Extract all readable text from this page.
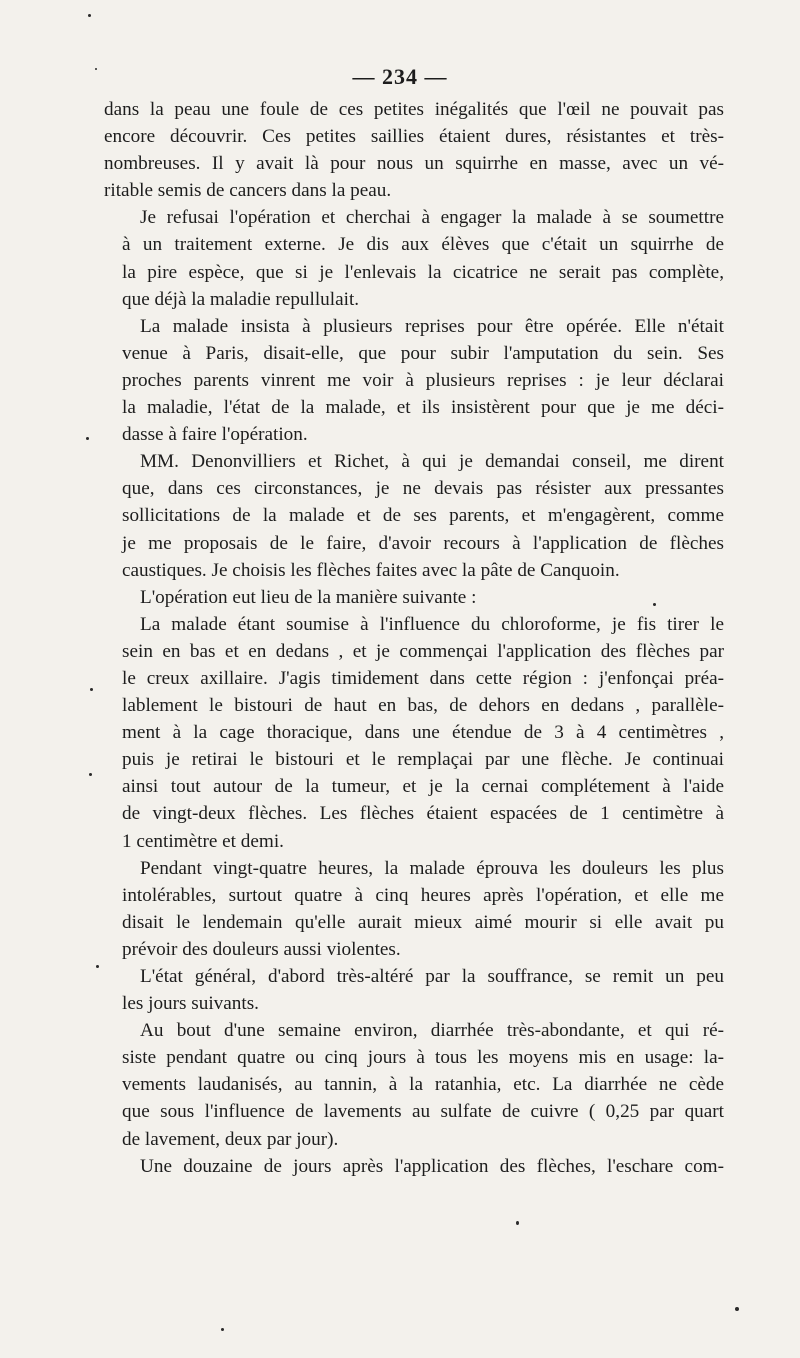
— 234 —
dans la peau une foule de ces petites inégalités que l'œil ne pouvait pas
encore découvrir. Ces petites saillies étaient dures, résistantes et très-
nombreuses. Il y avait là pour nous un squirrhe en masse, avec un vé-
ritable semis de cancers dans la peau.
Je refusai l'opération et cherchai à engager la malade à se soumettre
à un traitement externe. Je dis aux élèves que c'était un squirrhe de
la pire espèce, que si je l'enlevais la cicatrice ne serait pas complète,
que déjà la maladie repullulait.
La malade insista à plusieurs reprises pour être opérée. Elle n'était
venue à Paris, disait-elle, que pour subir l'amputation du sein. Ses
proches parents vinrent me voir à plusieurs reprises : je leur déclarai
la maladie, l'état de la malade, et ils insistèrent pour que je me déci-
dasse à faire l'opération.
MM. Denonvilliers et Richet, à qui je demandai conseil, me dirent
que, dans ces circonstances, je ne devais pas résister aux pressantes
sollicitations de la malade et de ses parents, et m'engagèrent, comme
je me proposais de le faire, d'avoir recours à l'application de flèches
caustiques. Je choisis les flèches faites avec la pâte de Canquoin.
L'opération eut lieu de la manière suivante :
La malade étant soumise à l'influence du chloroforme, je fis tirer le
sein en bas et en dedans , et je commençai l'application des flèches par
le creux axillaire. J'agis timidement dans cette région : j'enfonçai préa-
lablement le bistouri de haut en bas, de dehors en dedans , parallèle-
ment à la cage thoracique, dans une étendue de 3 à 4 centimètres ,
puis je retirai le bistouri et le remplaçai par une flèche. Je continuai
ainsi tout autour de la tumeur, et je la cernai complétement à l'aide
de vingt-deux flèches. Les flèches étaient espacées de 1 centimètre à
1 centimètre et demi.
Pendant vingt-quatre heures, la malade éprouva les douleurs les plus
intolérables, surtout quatre à cinq heures après l'opération, et elle me
disait le lendemain qu'elle aurait mieux aimé mourir si elle avait pu
prévoir des douleurs aussi violentes.
L'état général, d'abord très-altéré par la souffrance, se remit un peu
les jours suivants.
Au bout d'une semaine environ, diarrhée très-abondante, et qui ré-
siste pendant quatre ou cinq jours à tous les moyens mis en usage: la-
vements laudanisés, au tannin, à la ratanhia, etc. La diarrhée ne cède
que sous l'influence de lavements au sulfate de cuivre ( 0,25 par quart
de lavement, deux par jour).
Une douzaine de jours après l'application des flèches, l'eschare com-
